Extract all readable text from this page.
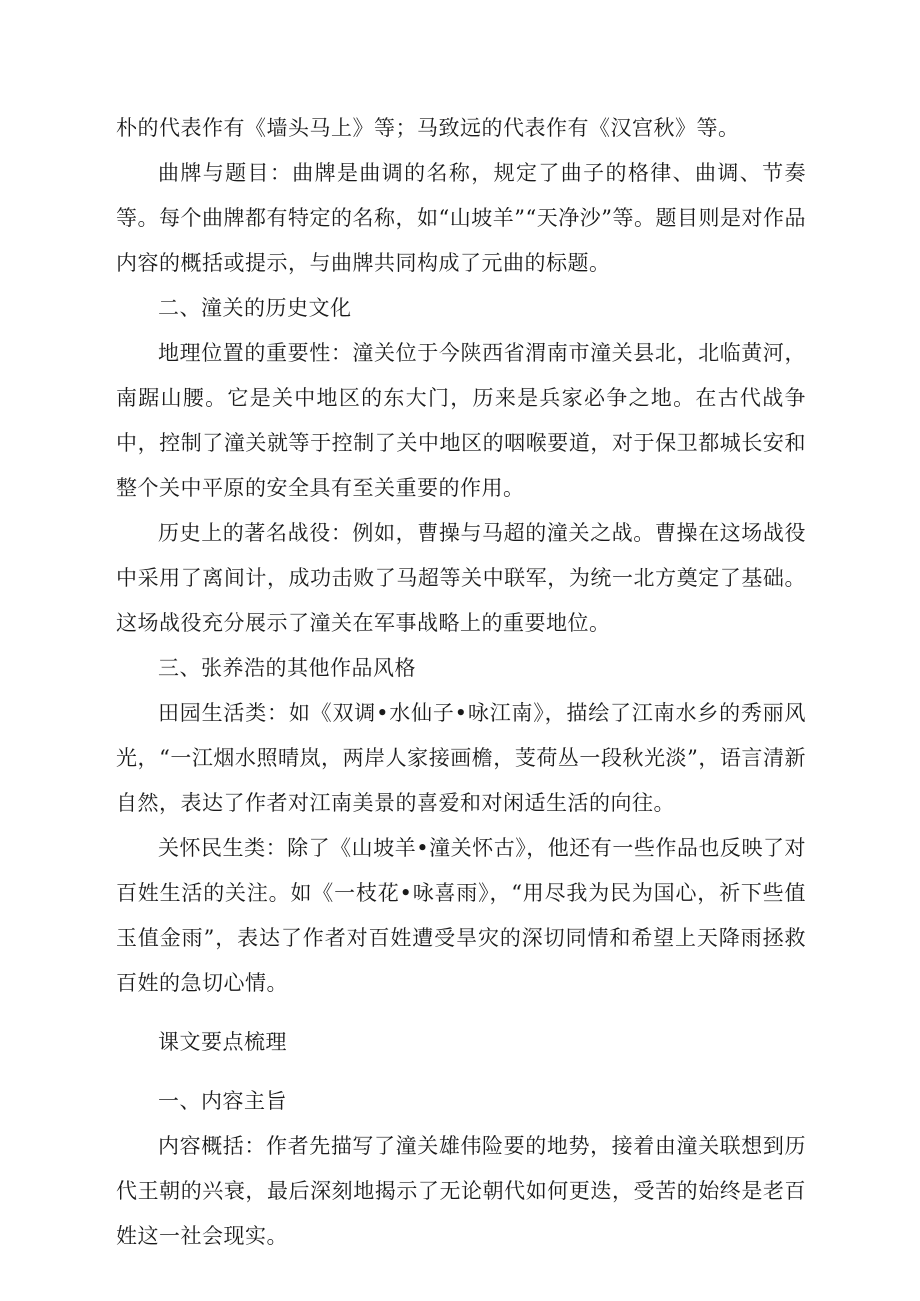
朴的代表作有《墙头马上》等；马致远的代表作有《汉宫秋》等。

曲牌与题目：曲牌是曲调的名称，规定了曲子的格律、曲调、节奏等。每个曲牌都有特定的名称，如“山坡羊”“天净沙”等。题目则是对作品内容的概括或提示，与曲牌共同构成了元曲的标题。

二、潼关的历史文化

地理位置的重要性：潼关位于今陕西省渭南市潼关县北，北临黄河，南踞山腰。它是关中地区的东大门，历来是兵家必争之地。在古代战争中，控制了潼关就等于控制了关中地区的咽喉要道，对于保卫都城长安和整个关中平原的安全具有至关重要的作用。

历史上的著名战役：例如，曹操与马超的潼关之战。曹操在这场战役中采用了离间计，成功击败了马超等关中联军，为统一北方奠定了基础。这场战役充分展示了潼关在军事战略上的重要地位。

三、张养浩的其他作品风格

田园生活类：如《双调•水仙子•咏江南》，描绘了江南水乡的秀丽风光，“一江烟水照晴岚，两岸人家接画檐，芰荷丛一段秋光淡”，语言清新自然，表达了作者对江南美景的喜爱和对闲适生活的向往。

关怀民生类：除了《山坡羊•潼关怀古》，他还有一些作品也反映了对百姓生活的关注。如《一枝花•咏喜雨》，“用尽我为民为国心，祈下些值玉值金雨”，表达了作者对百姓遭受旱灾的深切同情和希望上天降雨拯救百姓的急切心情。

课文要点梳理

一、内容主旨

内容概括：作者先描写了潼关雄伟险要的地势，接着由潼关联想到历代王朝的兴衰，最后深刻地揭示了无论朝代如何更迭，受苦的始终是老百姓这一社会现实。
